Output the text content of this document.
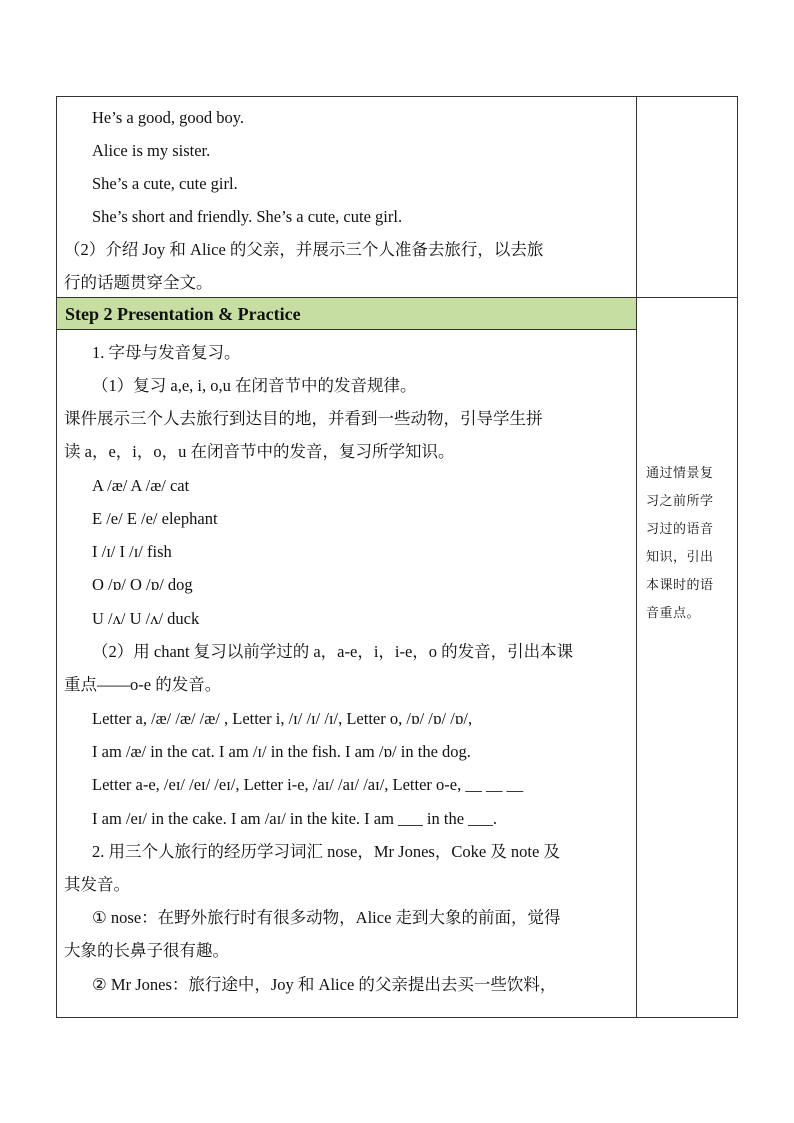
He’s a good, good boy.
Alice is my sister.
She’s a cute, cute girl.
She’s short and friendly. She’s a cute, cute girl.
（2）介绍 Joy 和 Alice 的父亲，并展示三个人准备去旅行，以去旅
行的话题贯穿全文。
Step 2 Presentation & Practice
1. 字母与发音复习。
（1）复习 a,e, i, o,u 在闭音节中的发音规律。
课件展示三个人去旅行到达目的地，并看到一些动物，引导学生拼
读 a，e，i，o，u 在闭音节中的发音，复习所学知识。
A /æ/ A /æ/ cat
E /e/ E /e/ elephant
I /ɪ/ I /ɪ/ fish
O /ɒ/ O /ɒ/ dog
U /ʌ/ U /ʌ/ duck
（2）用 chant 复习以前学过的 a，a-e，i，i-e，o 的发音，引出本课
重点——o-e 的发音。
Letter a, /æ/ /æ/ /æ/ , Letter i, /ɪ/ /ɪ/ /ɪ/, Letter o, /ɒ/ /ɒ/ /ɒ/,
I am /æ/ in the cat. I am /ɪ/ in the fish. I am /ɒ/ in the dog.
Letter a-e, /eɪ/ /eɪ/ /eɪ/, Letter i-e, /aɪ/ /aɪ/ /aɪ/, Letter o-e, __ __ __
I am /eɪ/ in the cake. I am /aɪ/ in the kite. I am ___ in the ___.
2. 用三个人旅行的经历学习词汇 nose，Mr Jones，Coke 及 note 及
其发音。
① nose：在野外旅行时有很多动物，Alice 走到大象的前面，觉得
大象的长鼻子很有趣。
② Mr Jones：旅行途中，Joy 和 Alice 的父亲提出去买一些饮料，
通过情景复
习之前所学
习过的语音
知识，引出
本课时的语
音重点。
